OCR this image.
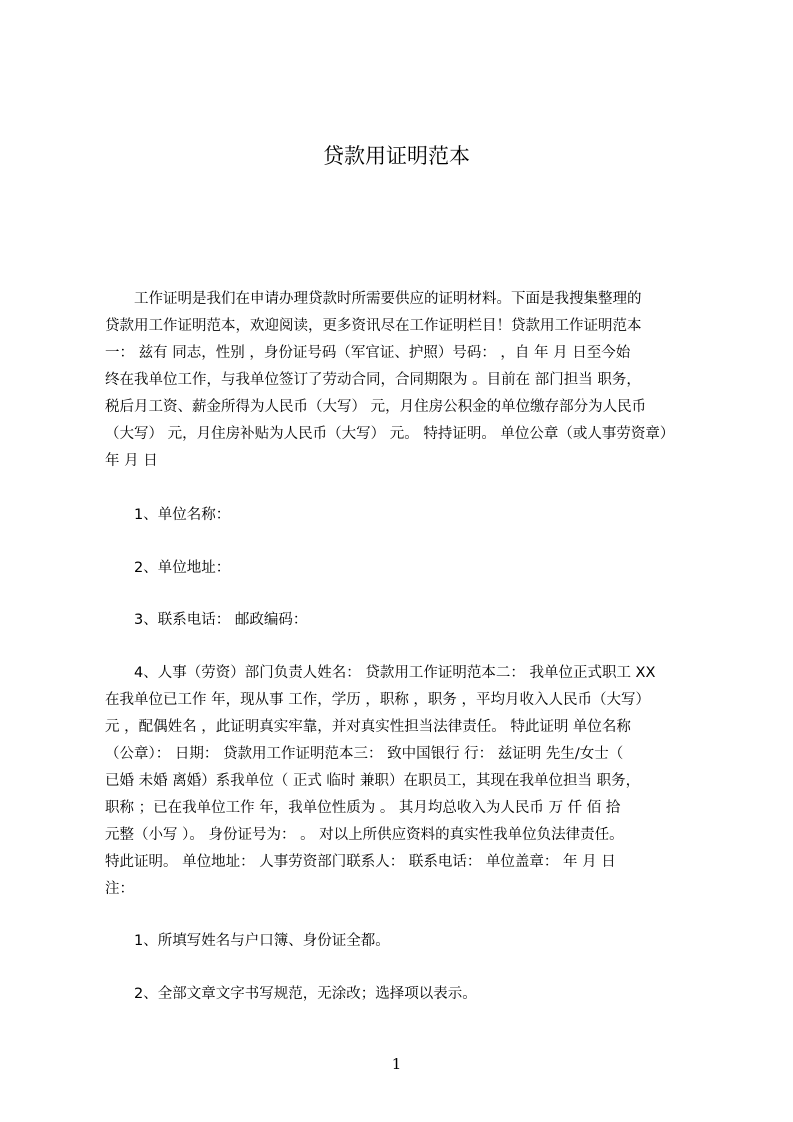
贷款用证明范本
　　工作证明是我们在申请办理贷款时所需要供应的证明材料。下面是我搜集整理的
贷款用工作证明范本，欢迎阅读，更多资讯尽在工作证明栏目！贷款用工作证明范本
一： 兹有 同志，性别 ，身份证号码（军官证、护照）号码： ，自 年 月 日至今始
终在我单位工作，与我单位签订了劳动合同，合同期限为 。目前在 部门担当 职务，
税后月工资、薪金所得为人民币（大写） 元，月住房公积金的单位缴存部分为人民币
（大写） 元，月住房补贴为人民币（大写） 元。 特持证明。 单位公章（或人事劳资章）
年 月 日
　　1、单位名称：
　　2、单位地址：
　　3、联系电话： 邮政编码：
　　4、人事（劳资）部门负责人姓名： 贷款用工作证明范本二： 我单位正式职工 XX
在我单位已工作 年，现从事 工作，学历 ，职称 ，职务 ，平均月收入人民币（大写）
元 ，配偶姓名 ，此证明真实牢靠，并对真实性担当法律责任。 特此证明 单位名称
（公章）： 日期： 贷款用工作证明范本三： 致中国银行 行： 兹证明 先生/女士（
已婚 未婚 离婚）系我单位（ 正式 临时 兼职）在职员工，其现在我单位担当 职务，
职称 ；已在我单位工作 年，我单位性质为 。 其月均总收入为人民币 万 仟 佰 拾
元整（小写 ）。 身份证号为： 。 对以上所供应资料的真实性我单位负法律责任。
特此证明。 单位地址： 人事劳资部门联系人： 联系电话： 单位盖章： 年 月 日
注：
　　1、所填写姓名与户口簿、身份证全都。
　　2、全部文章文字书写规范，无涂改；选择项以表示。
1
